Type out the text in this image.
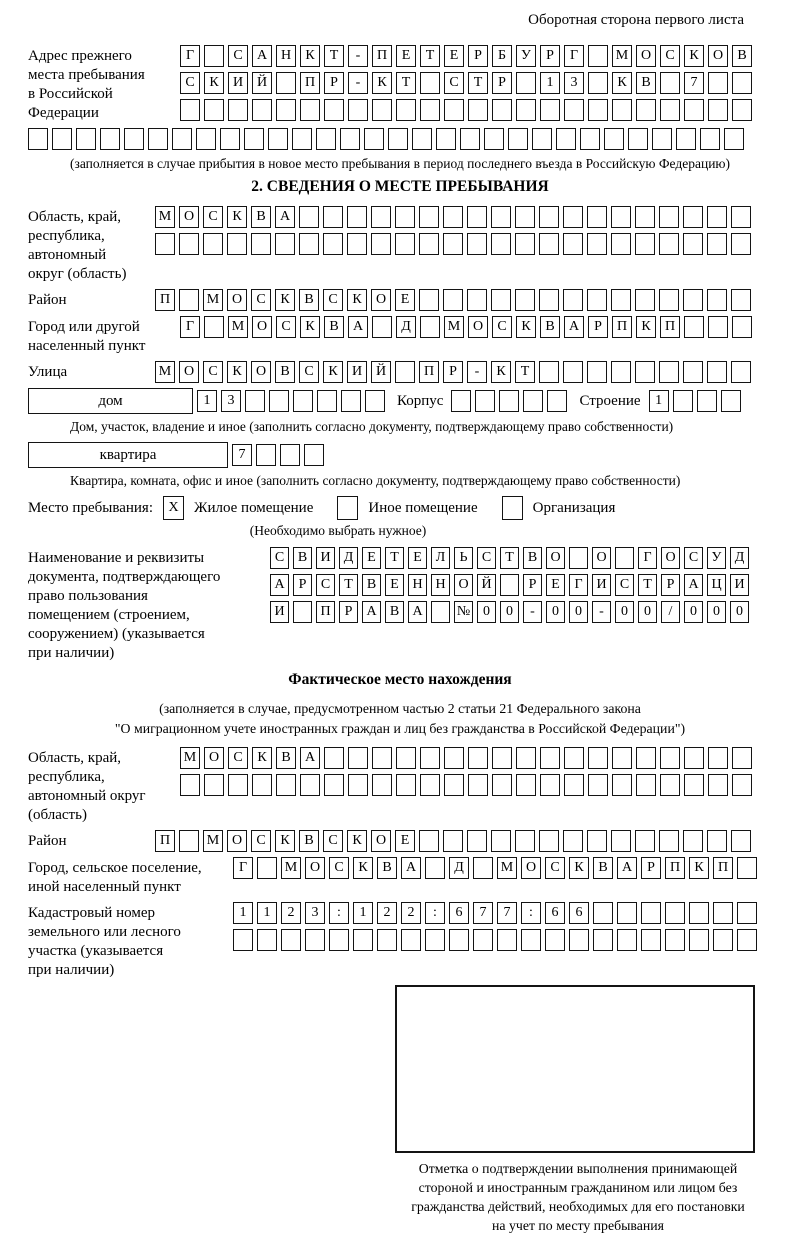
Оборотная сторона первого листа
Адрес прежнего
места пребывания
в Российской
Федерации
Г	С	А Н	К	Т	-	П	Е	Т	Е	Р	Б	У	Р	Г	М О	С	К	О	В
С	К	И Й	П	Р	-	К	Т	С	Т	Р	1	3	К	В	7
(заполняется в случае прибытия в новое место пребывания в период последнего въезда в Российскую Федерацию)
2. СВЕДЕНИЯ О МЕСТЕ ПРЕБЫВАНИЯ
Область, край,
республика,
автономный
округ (область)
М О	С	К	В	А
Район	П	М О	С	К	В	С	К	О	Е
Город или другой
населенный пункт
Г	М О	С	К	В	А	Д	М О	С	К	В	А	Р	П	К	П
Улица	М О	С	К	О	В	С	К	И Й	П	Р	-	К	Т
дом	1	3	Корпус	Строение	1
Дом, участок, владение и иное (заполнить согласно документу, подтверждающему право собственности)
квартира	7
Квартира, комната, офис и иное (заполнить согласно документу, подтверждающему право собственности)
Место пребывания:	X	Жилое помещение	Иное помещение	Организация
(Необходимо выбрать нужное)
Наименование и реквизиты
документа, подтверждающего
право пользования
помещением (строением,
сооружением) (указывается
при наличии)
С В И Д Е	Т	Е Л	Ь	С	Т	В О	О	Г О С У Д
А	Р	С	Т	В	Е Н Н О Й	Р	Е	Г И С	Т	Р	А Ц И
И	П	Р	А В А	№ 0	0	-	0	0	-	0	0	/	0	0	0
Фактическое место нахождения
(заполняется в случае, предусмотренном частью 2 статьи 21 Федерального закона
"О миграционном учете иностранных граждан и лиц без гражданства в Российской Федерации")
Область, край,
республика,
автономный округ
(область)
М О	С	К	В	А
Район	П	М О	С	К	В	С	К	О	Е
Город, сельское поселение,
иной населенный пункт
Г	М О	С	К	В	А	Д	М О	С	К	В	А	Р	П	К	П
Кадастровый номер
земельного или лесного
участка (указывается
при наличии)
1	1	2	3	:	1	2	2	:	6	7	7	:	6	6
Отметка о подтверждении выполнения принимающей
стороной и иностранным гражданином или лицом без
гражданства действий, необходимых для его постановки
на учет по месту пребывания
